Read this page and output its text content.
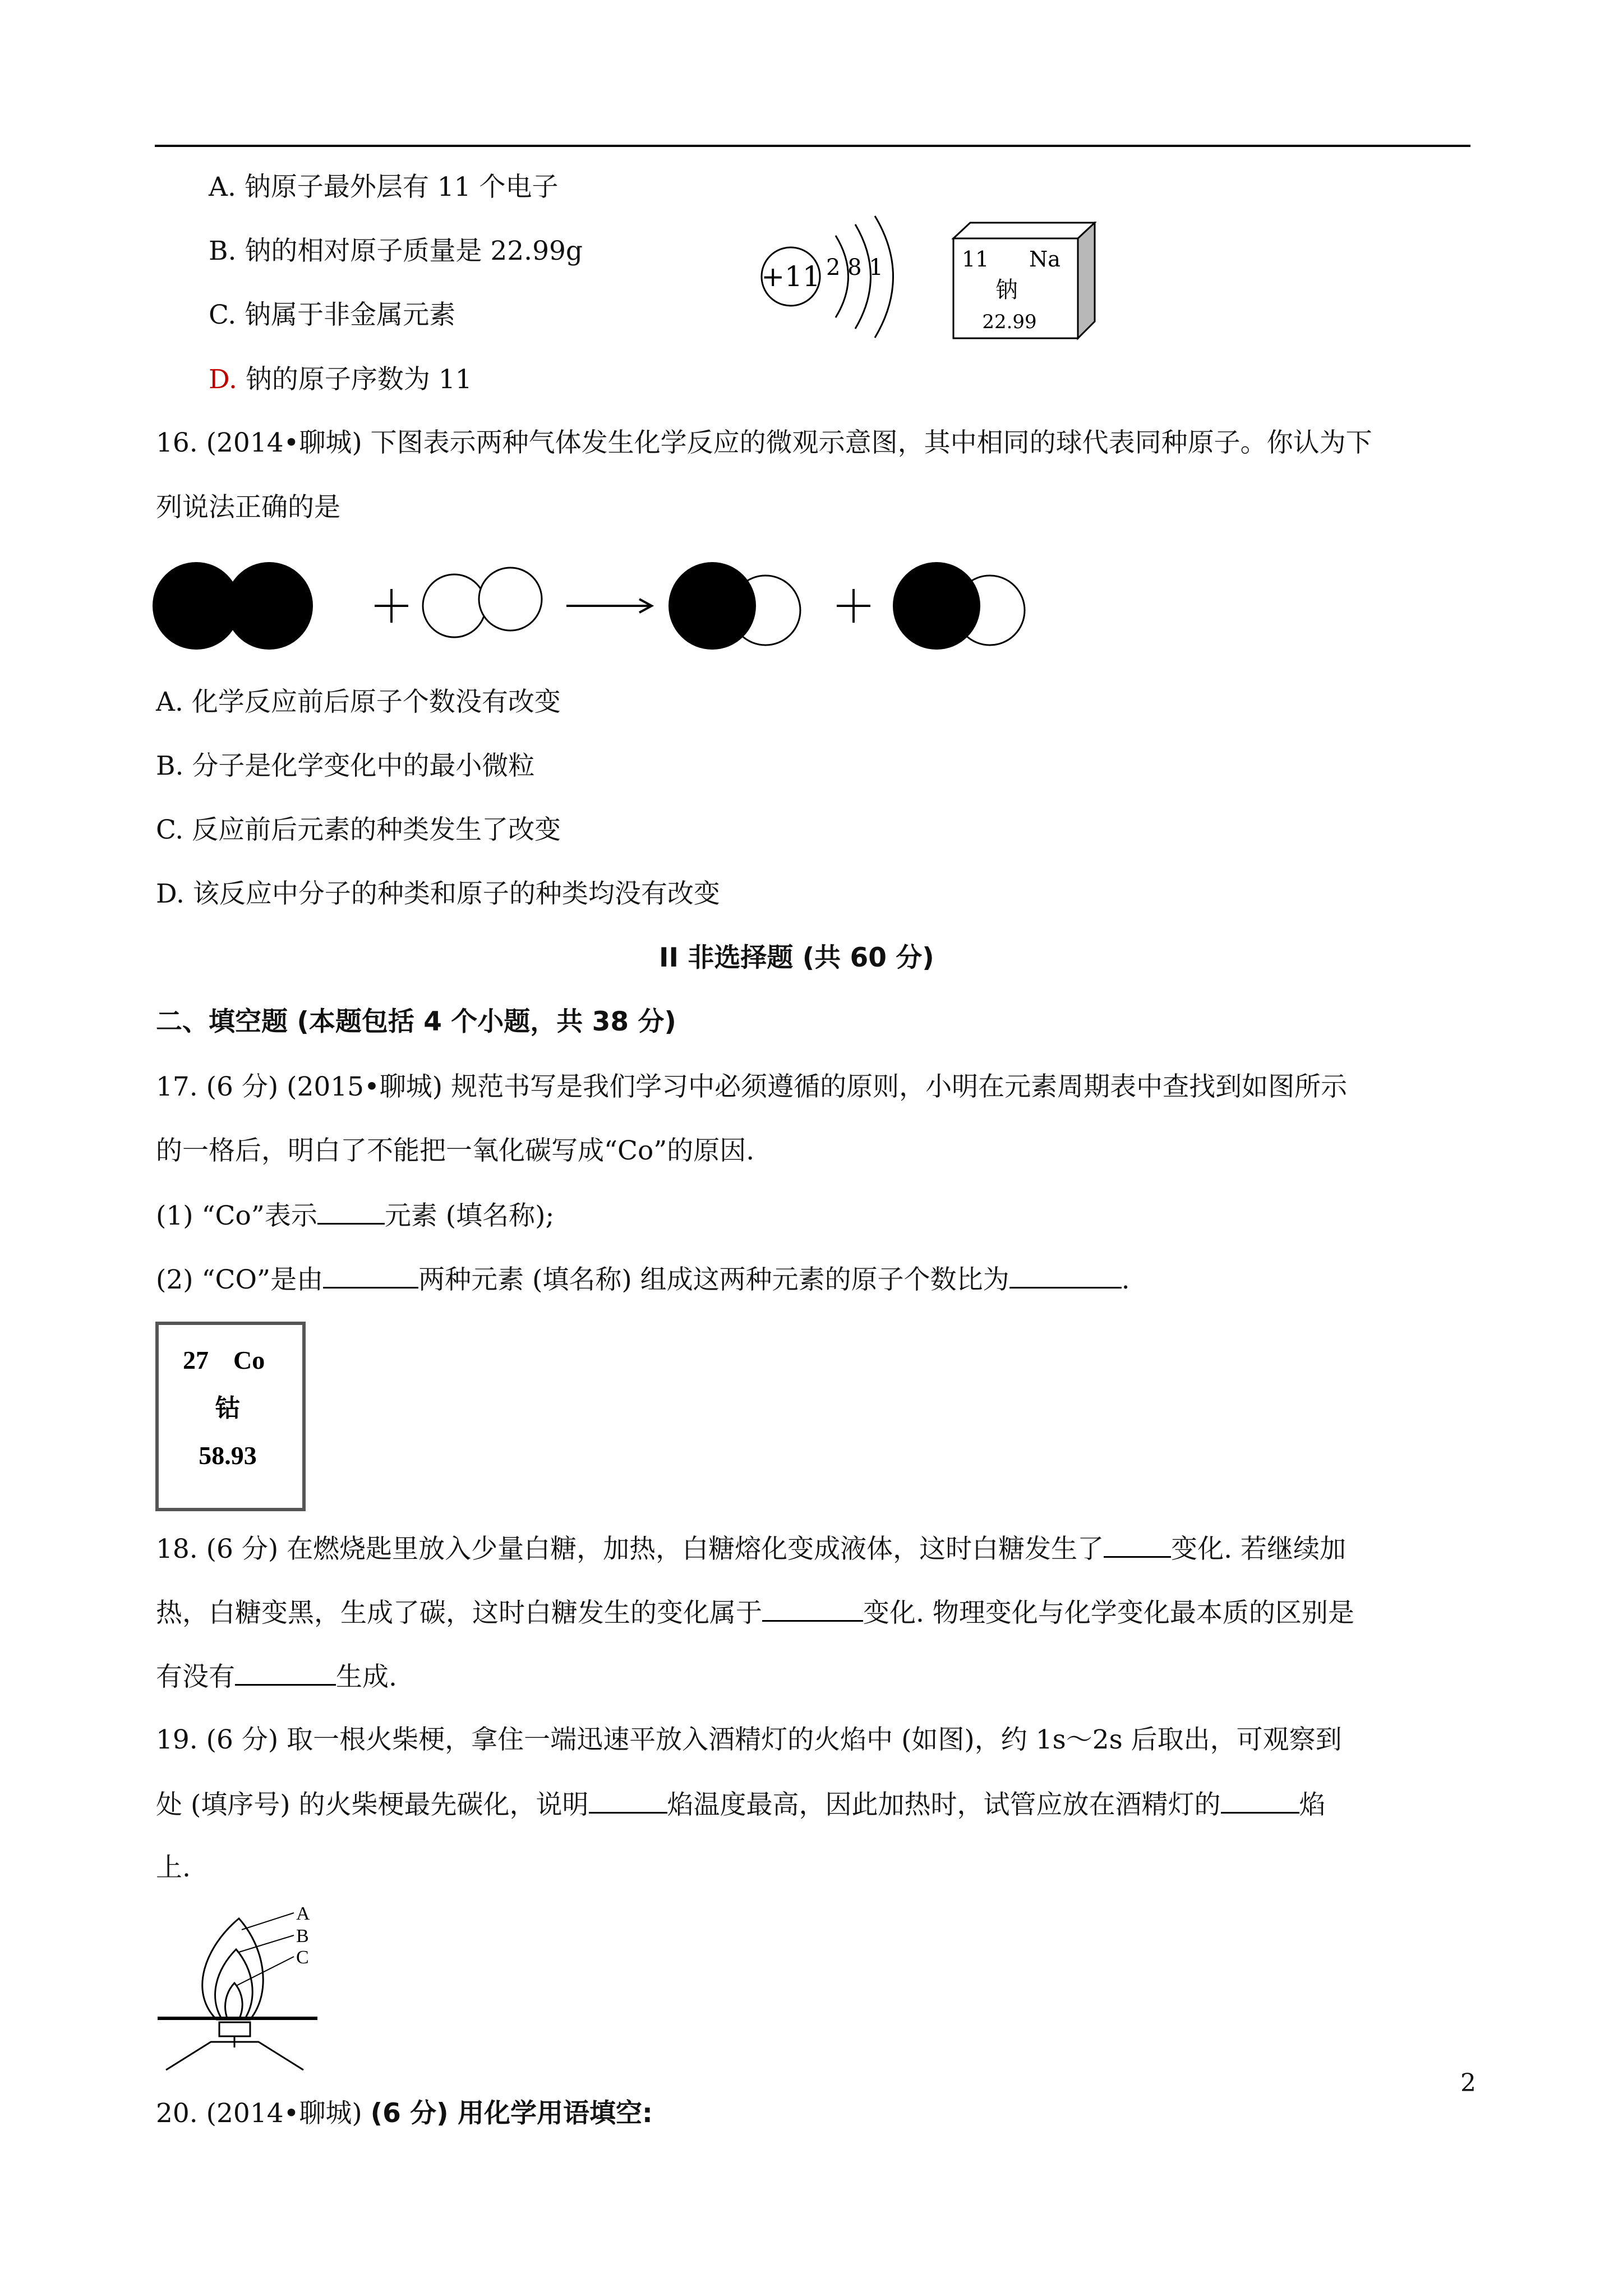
A. 钠原子最外层有 11 个电子
B. 钠的相对原子质量是 22.99g
C. 钠属于非金属元素
D. 钠的原子序数为 11
+11 2 8 1	11 Na
钠
22.99
16. (2014•聊城) 下图表示两种气体发生化学反应的微观示意图，其中相同的球代表同种原子。你认为下
列说法正确的是
A. 化学反应前后原子个数没有改变
B. 分子是化学变化中的最小微粒
C. 反应前后元素的种类发生了改变
D. 该反应中分子的种类和原子的种类均没有改变
II 非选择题 (共 60 分)
二、填空题 (本题包括 4 个小题，共 38 分)
17. (6 分) (2015•聊城) 规范书写是我们学习中必须遵循的原则，小明在元素周期表中查找到如图所示
的一格后，明白了不能把一氧化碳写成“Co”的原因.
(1) “Co”表示	元素 (填名称);
(2) “CO”是由	两种元素 (填名称) 组成这两种元素的原子个数比为	.
27 Co
钴
58.93
18. (6 分) 在燃烧匙里放入少量白糖，加热，白糖熔化变成液体，这时白糖发生了	变化. 若继续加
热，白糖变黑，生成了碳，这时白糖发生的变化属于	变化. 物理变化与化学变化最本质的区别是
有没有	生成.
19. (6 分) 取一根火柴梗，拿住一端迅速平放入酒精灯的火焰中 (如图)，约 1s～2s 后取出，可观察到
处 (填序号) 的火柴梗最先碳化，说明	焰温度最高，因此加热时，试管应放在酒精灯的	焰
上.
A
B
C
20. (2014•聊城) (6 分) 用化学用语填空:
2
